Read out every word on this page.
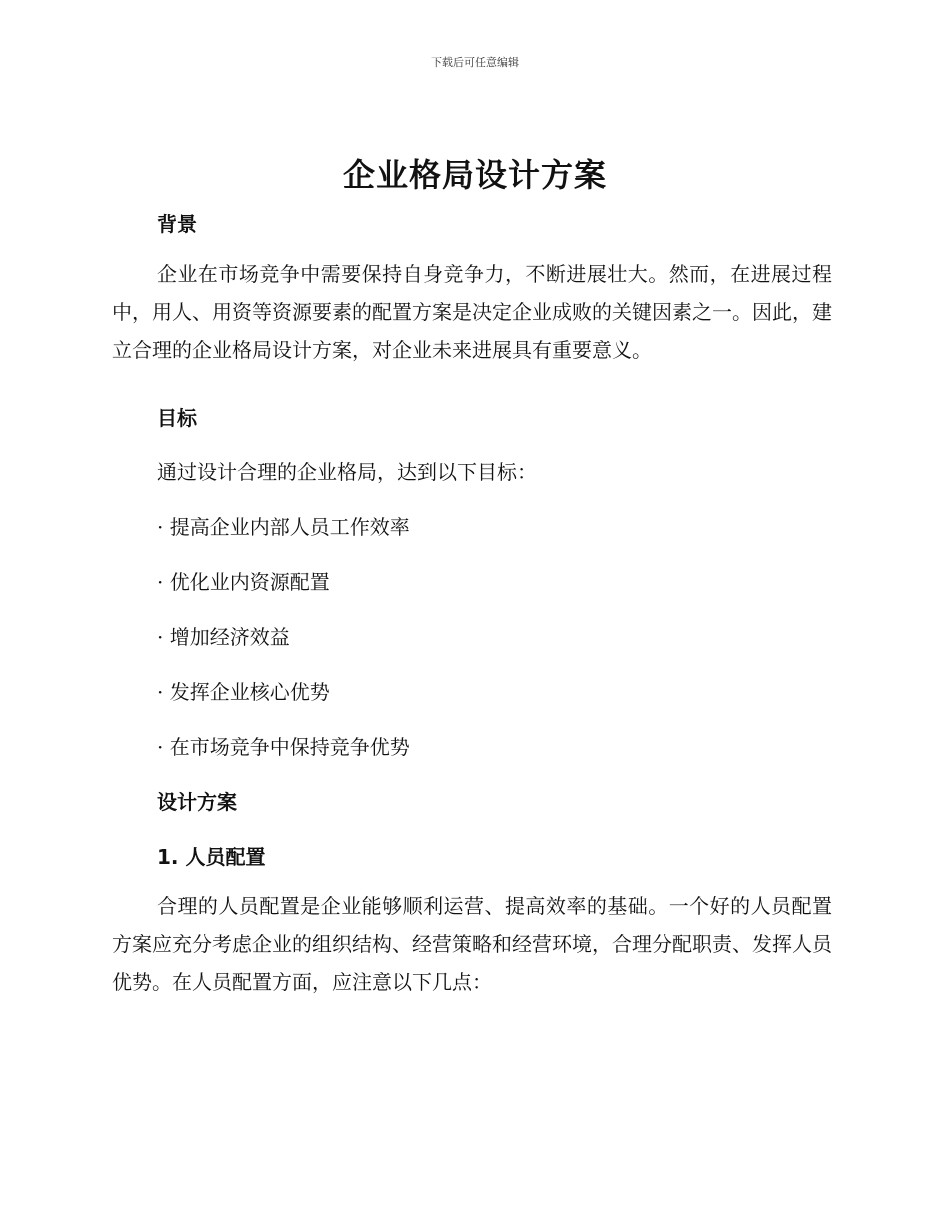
下载后可任意编辑
企业格局设计方案
背景
企业在市场竞争中需要保持自身竞争力，不断进展壮大。然而，在进展过程中，用人、用资等资源要素的配置方案是决定企业成败的关键因素之一。因此，建立合理的企业格局设计方案，对企业未来进展具有重要意义。
目标
通过设计合理的企业格局，达到以下目标：
· 提高企业内部人员工作效率
· 优化业内资源配置
· 增加经济效益
· 发挥企业核心优势
· 在市场竞争中保持竞争优势
设计方案
1. 人员配置
合理的人员配置是企业能够顺利运营、提高效率的基础。一个好的人员配置方案应充分考虑企业的组织结构、经营策略和经营环境，合理分配职责、发挥人员优势。在人员配置方面，应注意以下几点：
